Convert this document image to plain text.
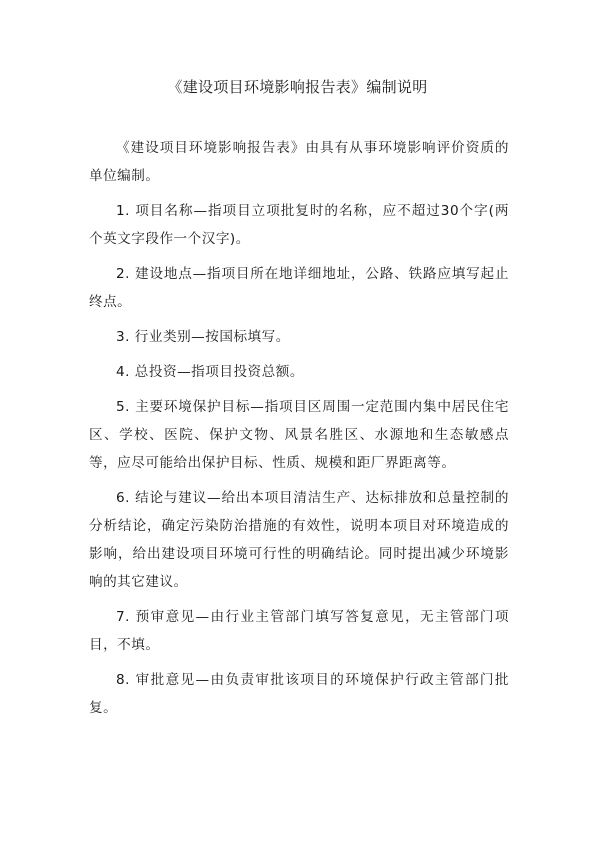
《建设项目环境影响报告表》编制说明

《建设项目环境影响报告表》由具有从事环境影响评价资质的单位编制。

1. 项目名称—指项目立项批复时的名称，应不超过30个字(两个英文字段作一个汉字)。

2. 建设地点—指项目所在地详细地址，公路、铁路应填写起止终点。

3. 行业类别—按国标填写。

4. 总投资—指项目投资总额。

5. 主要环境保护目标—指项目区周围一定范围内集中居民住宅区、学校、医院、保护文物、风景名胜区、水源地和生态敏感点等，应尽可能给出保护目标、性质、规模和距厂界距离等。

6. 结论与建议—给出本项目清洁生产、达标排放和总量控制的分析结论，确定污染防治措施的有效性，说明本项目对环境造成的影响，给出建设项目环境可行性的明确结论。同时提出减少环境影响的其它建议。

7. 预审意见—由行业主管部门填写答复意见，无主管部门项目，不填。

8. 审批意见—由负责审批该项目的环境保护行政主管部门批复。
